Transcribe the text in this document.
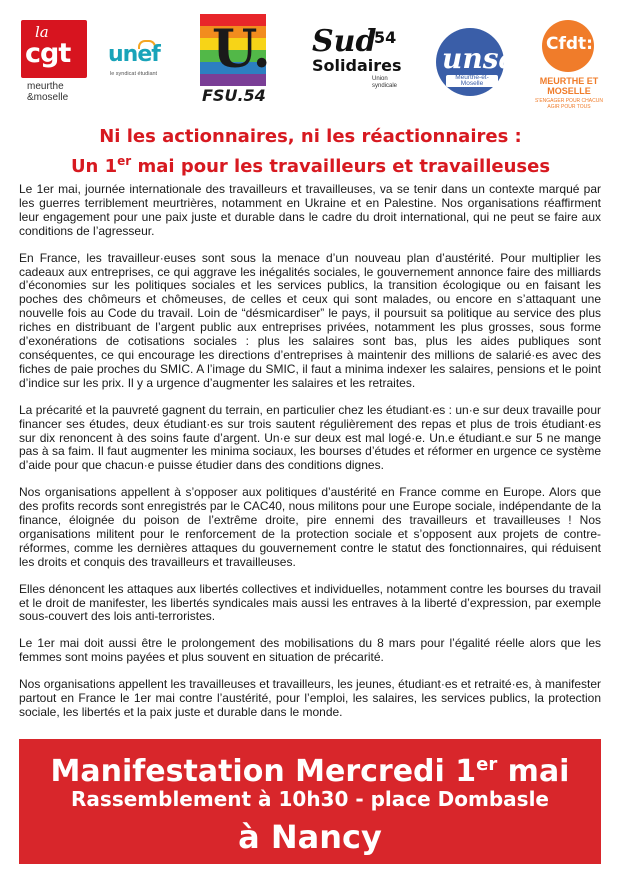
la
cgt
meurthe
&moselle
unef
le syndicat étudiant U.
FSU.54
Sud
54
Solidaires
Union syndicale
unsa
Meurthe-et-Moselle
Cfdt:
MEURTHE ET MOSELLE
S'ENGAGER POUR CHACUN AGIR POUR TOUS
Ni les actionnaires, ni les réactionnaires :
Un 1er mai pour les travailleurs et travailleuses

Le 1er mai, journée internationale des travailleurs et travailleuses, va se tenir dans un contexte marqué par les guerres terriblement meurtrières, notamment en Ukraine et en Palestine. Nos organisations réaffirment leur engagement pour une paix juste et durable dans le cadre du droit international, qui ne peut se faire aux conditions de l’agresseur.

En France, les travailleur·euses sont sous la menace d’un nouveau plan d’austérité. Pour multiplier les cadeaux aux entreprises, ce qui aggrave les inégalités sociales, le gouvernement annonce faire des milliards d’économies sur les politiques sociales et les services publics, la transition écologique ou en faisant les poches des chômeurs et chômeuses, de celles et ceux qui sont malades, ou encore en s’attaquant une nouvelle fois au Code du travail. Loin de “désmicardiser” le pays, il poursuit sa politique au service des plus riches en distribuant de l’argent public aux entreprises privées, notamment les plus grosses, sous forme d’exonérations de cotisations sociales : plus les salaires sont bas, plus les aides publiques sont conséquentes, ce qui encourage les directions d’entreprises à maintenir des millions de salarié·es avec des fiches de paie proches du SMIC. A l’image du SMIC, il faut a minima indexer les salaires, pensions et le point d’indice sur les prix. Il y a urgence d’augmenter les salaires et les retraites.

La précarité et la pauvreté gagnent du terrain, en particulier chez les étudiant·es : un·e sur deux travaille pour financer ses études, deux étudiant·es sur trois sautent régulièrement des repas et plus de trois étudiant·es sur dix renoncent à des soins faute d’argent. Un·e sur deux est mal logé·e. Un.e étudiant.e sur 5 ne mange pas à sa faim. Il faut augmenter les minima sociaux, les bourses d’études et réformer en urgence ce système d’aide pour que chacun·e puisse étudier dans des conditions dignes.

Nos organisations appellent à s’opposer aux politiques d’austérité en France comme en Europe. Alors que des profits records sont enregistrés par le CAC40, nous militons pour une Europe sociale, indépendante de la finance, éloignée du poison de l’extrême droite, pire ennemi des travailleurs et travailleuses ! Nos organisations militent pour le renforcement de la protection sociale et s’opposent aux projets de contre-réformes, comme les dernières attaques du gouvernement contre le statut des fonctionnaires, qui réduisent les droits et conquis des travailleurs et travailleuses.

Elles dénoncent les attaques aux libertés collectives et individuelles, notamment contre les bourses du travail et le droit de manifester, les libertés syndicales mais aussi les entraves à la liberté d’expression, par exemple sous-couvert des lois anti-terroristes.

Le 1er mai doit aussi être le prolongement des mobilisations du 8 mars pour l’égalité réelle alors que les femmes sont moins payées et plus souvent en situation de précarité.

Nos organisations appellent les travailleuses et travailleurs, les jeunes, étudiant·es et retraité·es, à manifester partout en France le 1er mai contre l’austérité, pour l’emploi, les salaires, les services publics, la protection sociale, les libertés et la paix juste et durable dans le monde.

Manifestation Mercredi 1er mai
Rassemblement à 10h30 - place Dombasle
à Nancy
